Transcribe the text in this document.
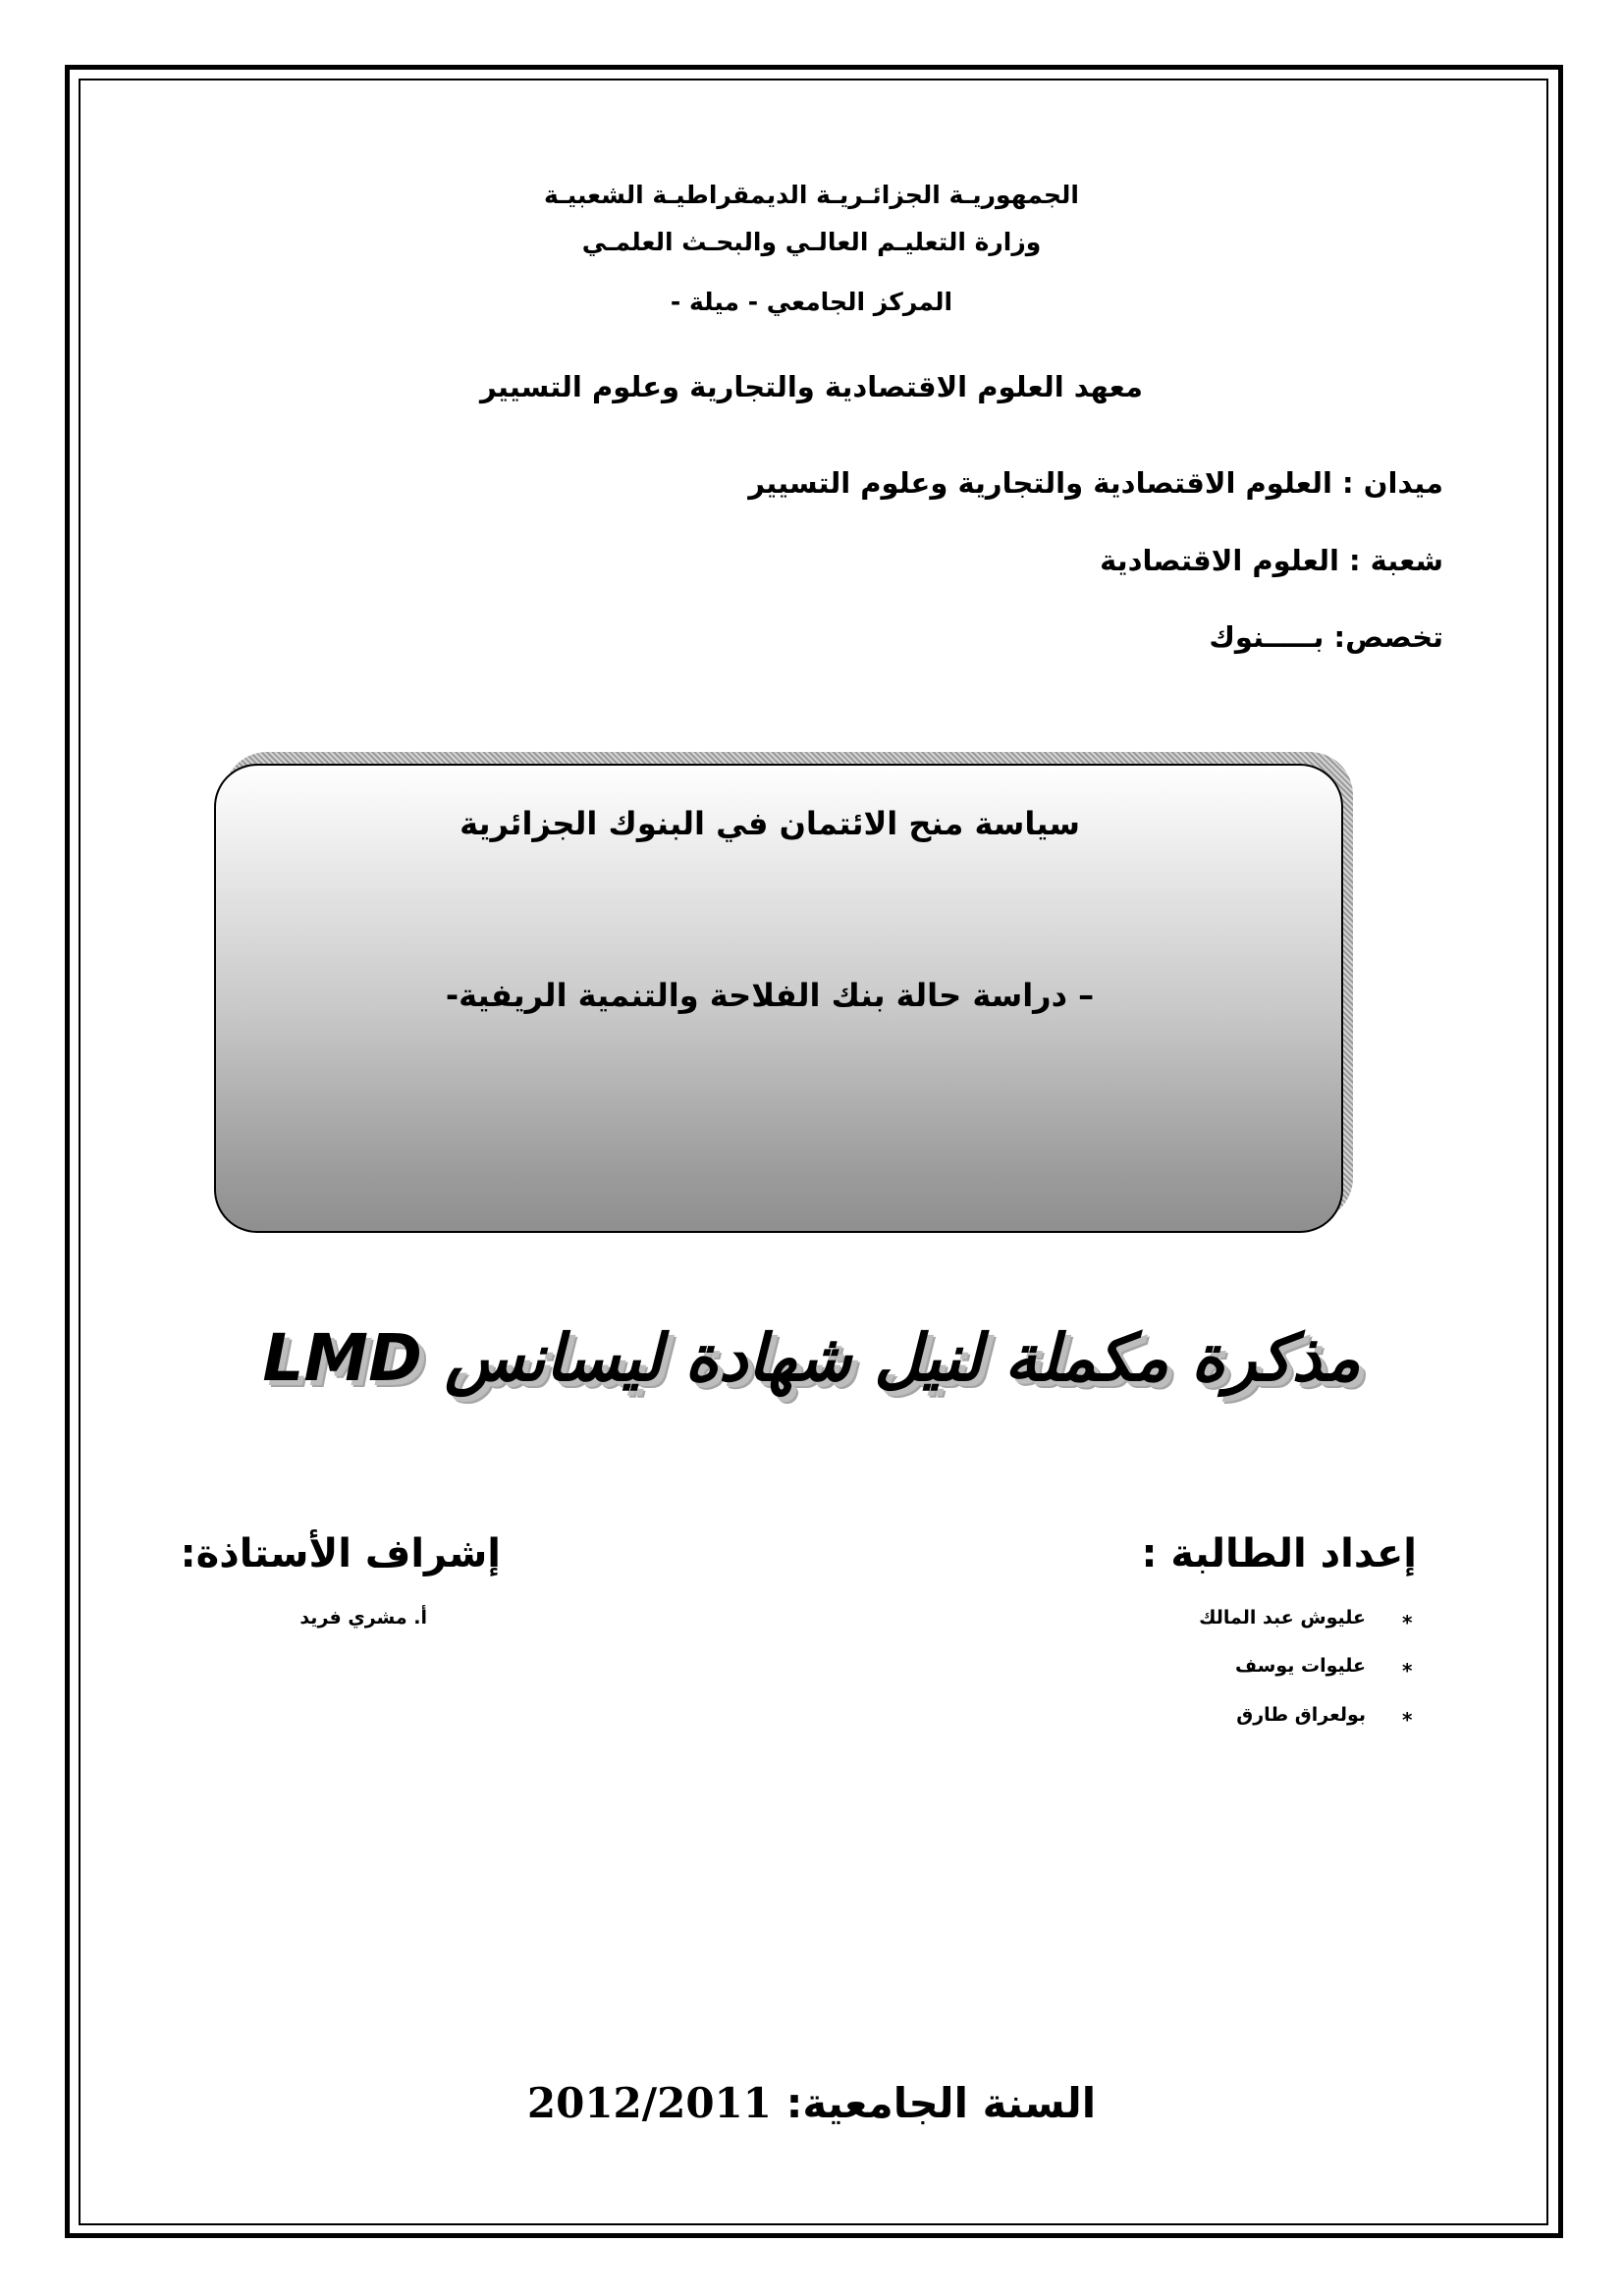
الجمهوريـة الجزائـريـة الديمقراطيـة الشعبيـة
وزارة التعليـم العالـي والبحـث العلمـي
المركز الجامعي - ميلة -
معهد العلوم الاقتصادية والتجارية وعلوم التسيير
ميدان : العلوم الاقتصادية والتجارية وعلوم التسيير
شعبة : العلوم الاقتصادية
تخصص: بـــــنوك
سياسة منح الائتمان في البنوك الجزائرية
– دراسة حالة بنك الفلاحة والتنمية الريفية-
مذكرة مكملة لنيل شهادة ليسانس LMD
إعداد الطالبة :
إشراف الأستاذة:
*
عليوش عبد المالك
*
عليوات يوسف
*
بولعراق طارق
أ. مشري فريد
السنة الجامعية: 2012/2011
